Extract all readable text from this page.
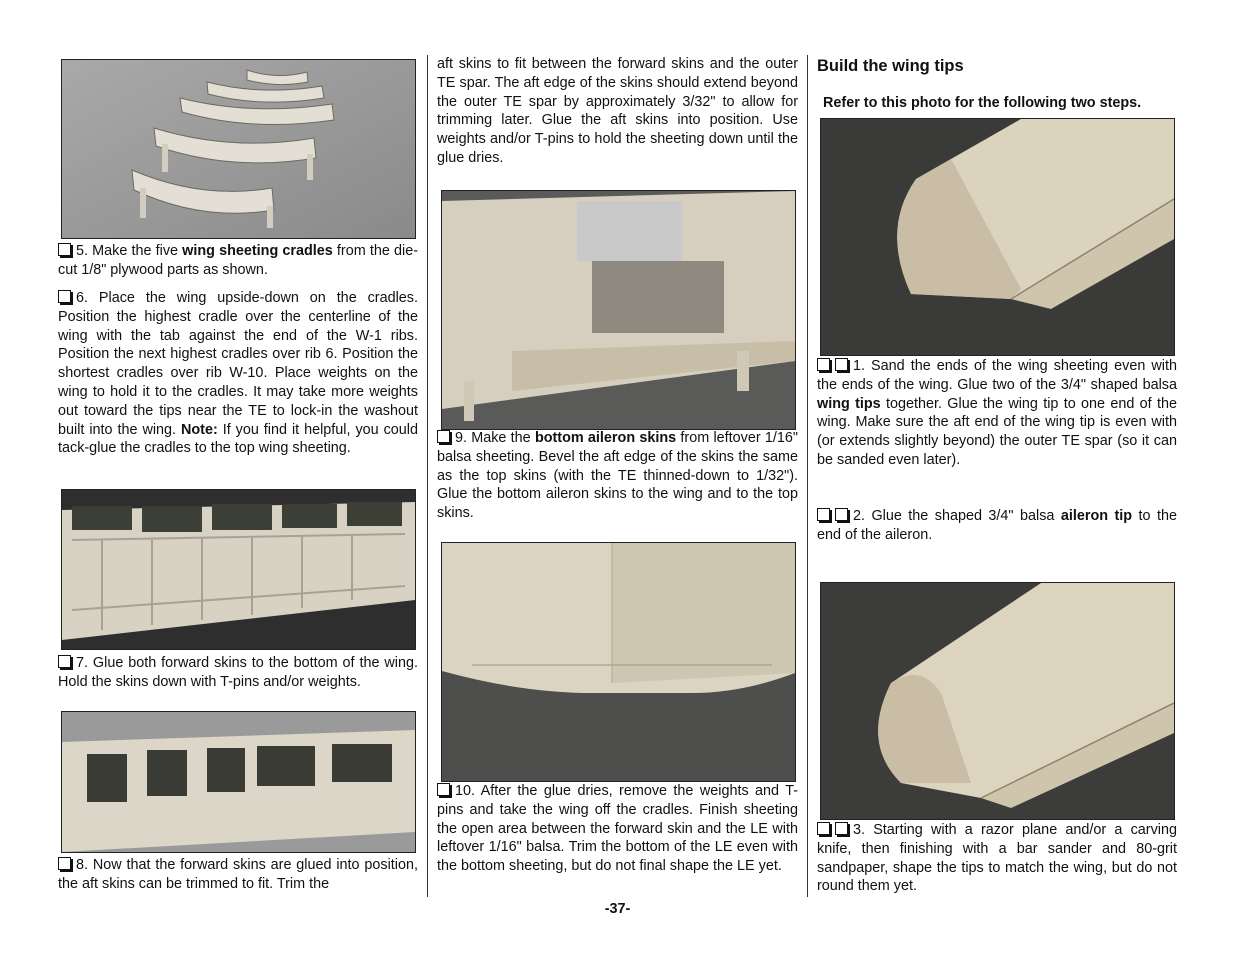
5. Make the five wing sheeting cradles from the die-cut 1/8" plywood parts as shown.

6. Place the wing upside-down on the cradles. Position the highest cradle over the centerline of the wing with the tab against the end of the W-1 ribs. Position the next highest cradles over rib 6. Position the shortest cradles over rib W-10. Place weights on the wing to hold it to the cradles. It may take more weights out toward the tips near the TE to lock-in the washout built into the wing. Note: If you find it helpful, you could tack-glue the cradles to the top wing sheeting.

7. Glue both forward skins to the bottom of the wing. Hold the skins down with T-pins and/or weights.

8. Now that the forward skins are glued into position, the aft skins can be trimmed to fit. Trim the

aft skins to fit between the forward skins and the outer TE spar. The aft edge of the skins should extend beyond the outer TE spar by approximately 3/32" to allow for trimming later. Glue the aft skins into position. Use weights and/or T-pins to hold the sheeting down until the glue dries.

9. Make the bottom aileron skins from leftover 1/16" balsa sheeting. Bevel the aft edge of the skins the same as the top skins (with the TE thinned-down to 1/32"). Glue the bottom aileron skins to the wing and to the top skins.

10. After the glue dries, remove the weights and T-pins and take the wing off the cradles. Finish sheeting the open area between the forward skin and the LE with leftover 1/16" balsa. Trim the bottom of the LE even with the bottom sheeting, but do not final shape the LE yet.

Build the wing tips

Refer to this photo for the following two steps.

1. Sand the ends of the wing sheeting even with the ends of the wing. Glue two of the 3/4" shaped balsa wing tips together. Glue the wing tip to one end of the wing. Make sure the aft end of the wing tip is even with (or extends slightly beyond) the outer TE spar (so it can be sanded even later).

2. Glue the shaped 3/4" balsa aileron tip to the end of the aileron.

3. Starting with a razor plane and/or a carving knife, then finishing with a bar sander and 80-grit sandpaper, shape the tips to match the wing, but do not round them yet.

-37-
